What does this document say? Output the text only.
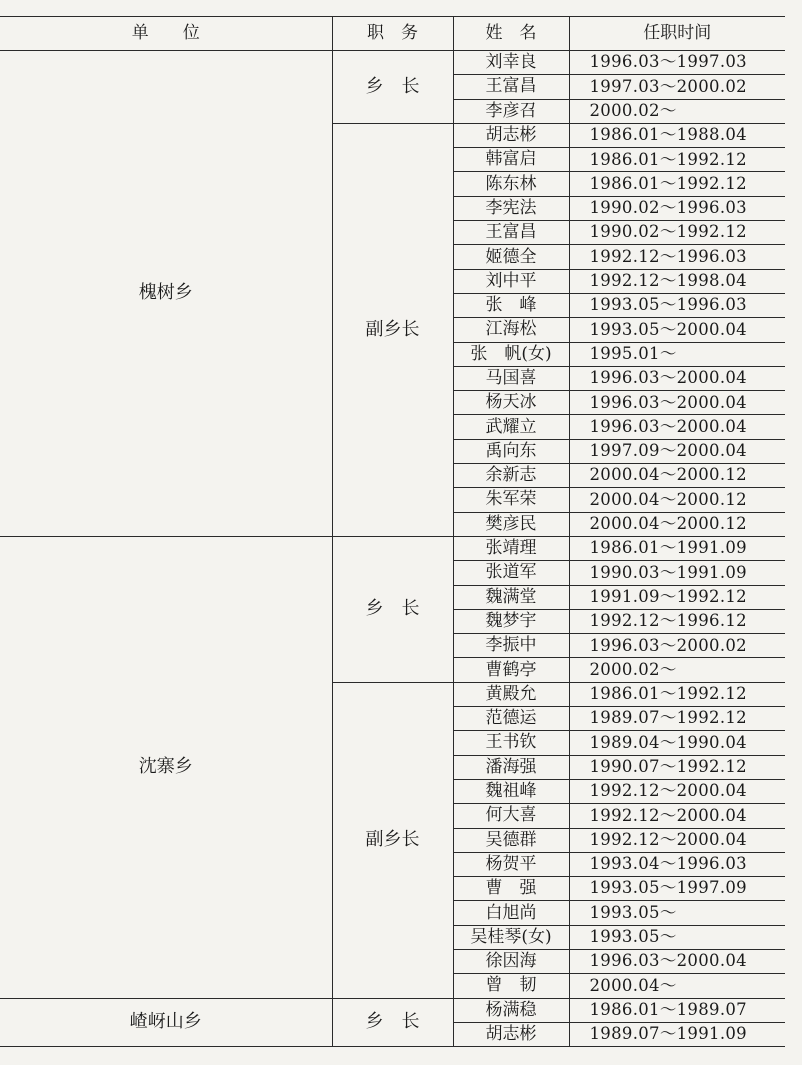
单　　位	职　务	姓　名	任职时间
槐树乡	乡　长	刘幸良	1996.03～1997.03
		王富昌	1997.03～2000.02
		李彦召	2000.02～
	副乡长	胡志彬	1986.01～1988.04
		韩富启	1986.01～1992.12
		陈东林	1986.01～1992.12
		李宪法	1990.02～1996.03
		王富昌	1990.02～1992.12
		姬德全	1992.12～1996.03
		刘中平	1992.12～1998.04
		张　峰	1993.05～1996.03
		江海松	1993.05～2000.04
		张　帆(女)	1995.01～
		马国喜	1996.03～2000.04
		杨天冰	1996.03～2000.04
		武耀立	1996.03～2000.04
		禹向东	1997.09～2000.04
		余新志	2000.04～2000.12
		朱军荣	2000.04～2000.12
		樊彦民	2000.04～2000.12
沈寨乡	乡　长	张靖理	1986.01～1991.09
		张道军	1990.03～1991.09
		魏满堂	1991.09～1992.12
		魏梦宇	1992.12～1996.12
		李振中	1996.03～2000.02
		曹鹤亭	2000.02～
	副乡长	黄殿允	1986.01～1992.12
		范德运	1989.07～1992.12
		王书钦	1989.04～1990.04
		潘海强	1990.07～1992.12
		魏祖峰	1992.12～2000.04
		何大喜	1992.12～2000.04
		吴德群	1992.12～2000.04
		杨贺平	1993.04～1996.03
		曹　强	1993.05～1997.09
		白旭尚	1993.05～
		吴桂琴(女)	1993.05～
		徐因海	1996.03～2000.04
		曾　韧	2000.04～
嵖岈山乡	乡　长	杨满稳	1986.01～1989.07
		胡志彬	1989.07～1991.09
